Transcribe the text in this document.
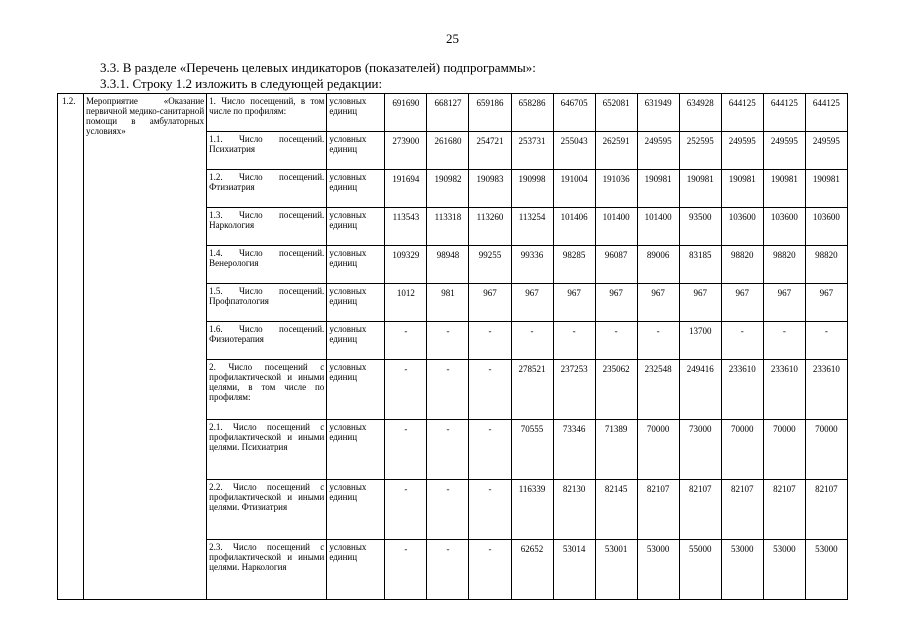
25
3.3. В разделе «Перечень целевых индикаторов (показателей) подпрограммы»:
3.3.1. Строку 1.2 изложить в следующей редакции:
1.2.	Мероприятие «Оказание первичной медико-санитарной помощи в амбулаторных условиях»	1. Число посещений, в том числе по профилям:	условных единиц	691690	668127	659186	658286	646705	652081	631949	634928	644125	644125	644125
		1.1. Число посещений. Психиатрия	условных единиц	273900	261680	254721	253731	255043	262591	249595	252595	249595	249595	249595
		1.2. Число посещений. Фтизиатрия	условных единиц	191694	190982	190983	190998	191004	191036	190981	190981	190981	190981	190981
		1.3. Число посещений. Наркология	условных единиц	113543	113318	113260	113254	101406	101400	101400	93500	103600	103600	103600
		1.4. Число посещений. Венерология	условных единиц	109329	98948	99255	99336	98285	96087	89006	83185	98820	98820	98820
		1.5. Число посещений. Профпатология	условных единиц	1012	981	967	967	967	967	967	967	967	967	967
		1.6. Число посещений. Физиотерапия	условных единиц	-	-	-	-	-	-	-	13700	-	-	-
		2. Число посещений с профилактической и иными целями, в том числе по профилям:	условных единиц	-	-	-	278521	237253	235062	232548	249416	233610	233610	233610
		2.1. Число посещений с профилактической и иными целями. Психиатрия	условных единиц	-	-	-	70555	73346	71389	70000	73000	70000	70000	70000
		2.2. Число посещений с профилактической и иными целями. Фтизиатрия	условных единиц	-	-	-	116339	82130	82145	82107	82107	82107	82107	82107
		2.3. Число посещений с профилактической и иными целями. Наркология	условных единиц	-	-	-	62652	53014	53001	53000	55000	53000	53000	53000
